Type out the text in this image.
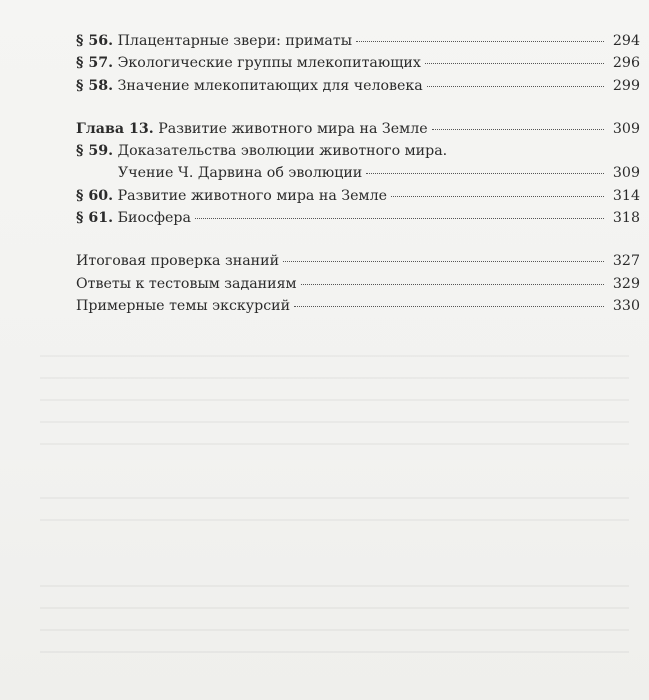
§ 56. Плацентарные звери: приматы	294
§ 57. Экологические группы млекопитающих	296
§ 58. Значение млекопитающих для человека	299
Глава 13. Развитие животного мира на Земле	309
§ 59. Доказательства эволюции животного мира.
Учение Ч. Дарвина об эволюции	309
§ 60. Развитие животного мира на Земле	314
§ 61. Биосфера	318
Итоговая проверка знаний	327
Ответы к тестовым заданиям	329
Примерные темы экскурсий	330
